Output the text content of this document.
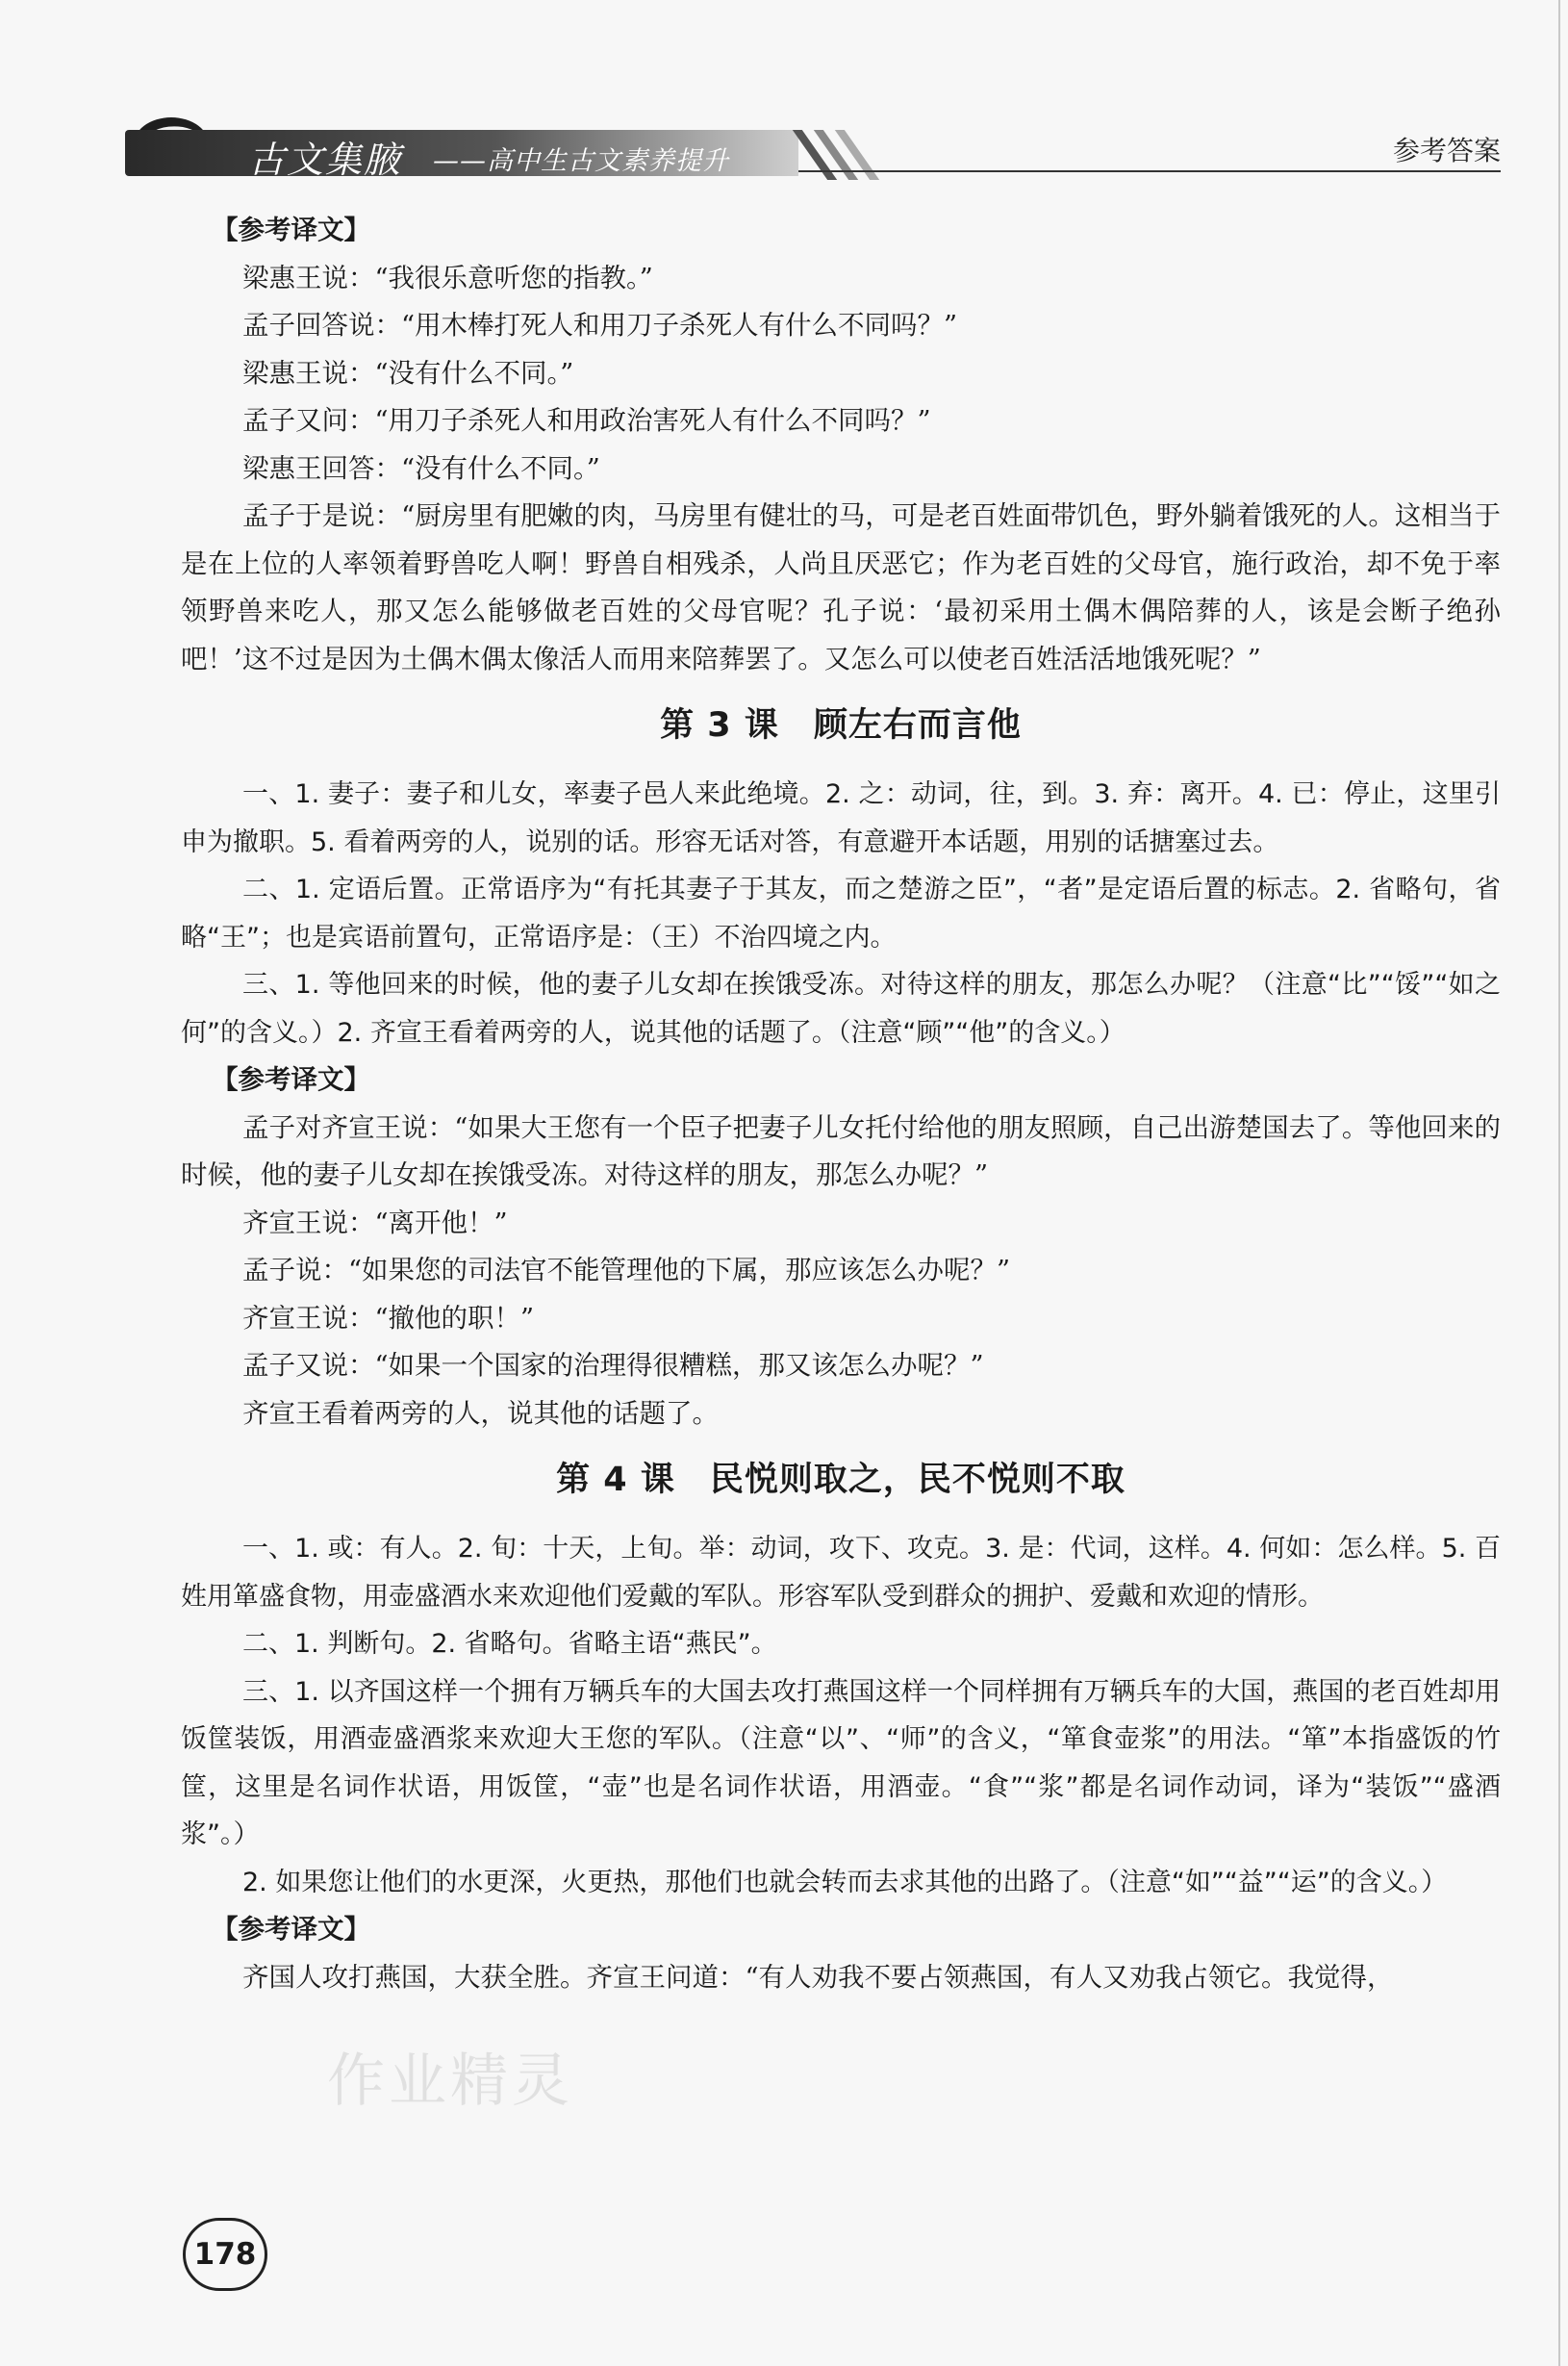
古文集腋 ——高中生古文素养提升	参考答案

【参考译文】

梁惠王说：“我很乐意听您的指教。”

孟子回答说：“用木棒打死人和用刀子杀死人有什么不同吗？”

梁惠王说：“没有什么不同。”

孟子又问：“用刀子杀死人和用政治害死人有什么不同吗？”

梁惠王回答：“没有什么不同。”

孟子于是说：“厨房里有肥嫩的肉，马房里有健壮的马，可是老百姓面带饥色，野外躺着饿死的人。这相当于是在上位的人率领着野兽吃人啊！野兽自相残杀，人尚且厌恶它；作为老百姓的父母官，施行政治，却不免于率领野兽来吃人，那又怎么能够做老百姓的父母官呢？孔子说：‘最初采用土偶木偶陪葬的人，该是会断子绝孙吧！’这不过是因为土偶木偶太像活人而用来陪葬罢了。又怎么可以使老百姓活活地饿死呢？”

第 3 课　顾左右而言他

一、1. 妻子：妻子和儿女，率妻子邑人来此绝境。2. 之：动词，往，到。3. 弃：离开。4. 已：停止，这里引申为撤职。5. 看着两旁的人，说别的话。形容无话对答，有意避开本话题，用别的话搪塞过去。

二、1. 定语后置。正常语序为“有托其妻子于其友，而之楚游之臣”，“者”是定语后置的标志。2. 省略句，省略“王”；也是宾语前置句，正常语序是：（王）不治四境之内。

三、1. 等他回来的时候，他的妻子儿女却在挨饿受冻。对待这样的朋友，那怎么办呢？（注意“比”“馁”“如之何”的含义。）2. 齐宣王看着两旁的人，说其他的话题了。（注意“顾”“他”的含义。）

【参考译文】

孟子对齐宣王说：“如果大王您有一个臣子把妻子儿女托付给他的朋友照顾，自己出游楚国去了。等他回来的时候，他的妻子儿女却在挨饿受冻。对待这样的朋友，那怎么办呢？”

齐宣王说：“离开他！”

孟子说：“如果您的司法官不能管理他的下属，那应该怎么办呢？”

齐宣王说：“撤他的职！”

孟子又说：“如果一个国家的治理得很糟糕，那又该怎么办呢？”

齐宣王看着两旁的人，说其他的话题了。

第 4 课　民悦则取之，民不悦则不取

一、1. 或：有人。2. 旬：十天，上旬。举：动词，攻下、攻克。3. 是：代词，这样。4. 何如：怎么样。5. 百姓用箪盛食物，用壶盛酒水来欢迎他们爱戴的军队。形容军队受到群众的拥护、爱戴和欢迎的情形。

二、1. 判断句。2. 省略句。省略主语“燕民”。

三、1. 以齐国这样一个拥有万辆兵车的大国去攻打燕国这样一个同样拥有万辆兵车的大国，燕国的老百姓却用饭筐装饭，用酒壶盛酒浆来欢迎大王您的军队。（注意“以”、“师”的含义，“箪食壶浆”的用法。“箪”本指盛饭的竹筐，这里是名词作状语，用饭筐，“壶”也是名词作状语，用酒壶。“食”“浆”都是名词作动词，译为“装饭”“盛酒浆”。）

2. 如果您让他们的水更深，火更热，那他们也就会转而去求其他的出路了。（注意“如”“益”“运”的含义。）

【参考译文】

齐国人攻打燕国，大获全胜。齐宣王问道：“有人劝我不要占领燕国，有人又劝我占领它。我觉得，

作业精灵
178
